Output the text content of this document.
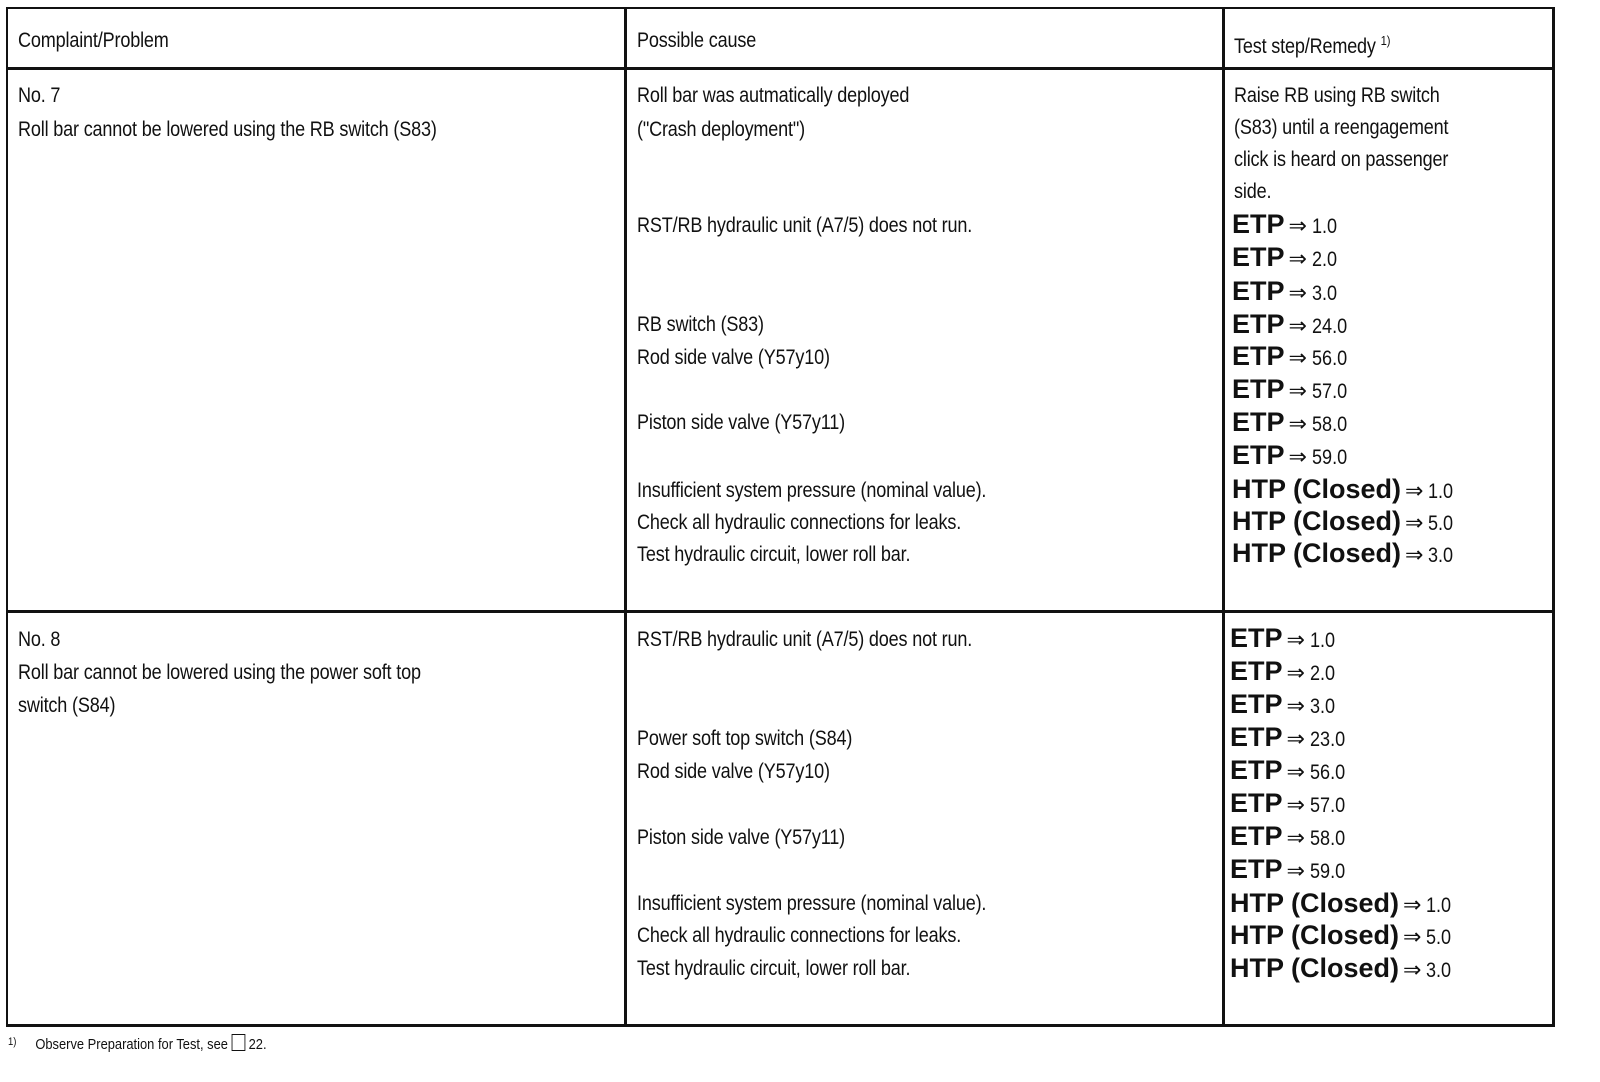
Complaint/Problem	Possible cause	Test step/Remedy $^{1)}$
No. 7
Roll bar cannot be lowered using the RB switch (S83)
Roll bar was autmatically deployed
("Crash deployment")
RST/RB hydraulic unit (A7/5) does not run.
RB switch (S83)
Rod side valve (Y57y10)
Piston side valve (Y57y11)
Insufficient system pressure (nominal value).
Check all hydraulic connections for leaks.
Test hydraulic circuit, lower roll bar.
Raise RB using RB switch
(S83) until a reengagement
click is heard on passenger
side.
ETP ⇒ 1.0
ETP ⇒ 2.0
ETP ⇒ 3.0
ETP ⇒ 24.0
ETP ⇒ 56.0
ETP ⇒ 57.0
ETP ⇒ 58.0
ETP ⇒ 59.0
HTP (Closed) ⇒ 1.0
HTP (Closed) ⇒ 5.0
HTP (Closed) ⇒ 3.0
No. 8
Roll bar cannot be lowered using the power soft top
switch (S84)
RST/RB hydraulic unit (A7/5) does not run.
Power soft top switch (S84)
Rod side valve (Y57y10)
Piston side valve (Y57y11)
Insufficient system pressure (nominal value).
Check all hydraulic connections for leaks.
Test hydraulic circuit, lower roll bar.
ETP ⇒ 1.0
ETP ⇒ 2.0
ETP ⇒ 3.0
ETP ⇒ 23.0
ETP ⇒ 56.0
ETP ⇒ 57.0
ETP ⇒ 58.0
ETP ⇒ 59.0
HTP (Closed) ⇒ 1.0
HTP (Closed) ⇒ 5.0
HTP (Closed) ⇒ 3.0
$^{1)}$ Observe Preparation for Test, see 22.
